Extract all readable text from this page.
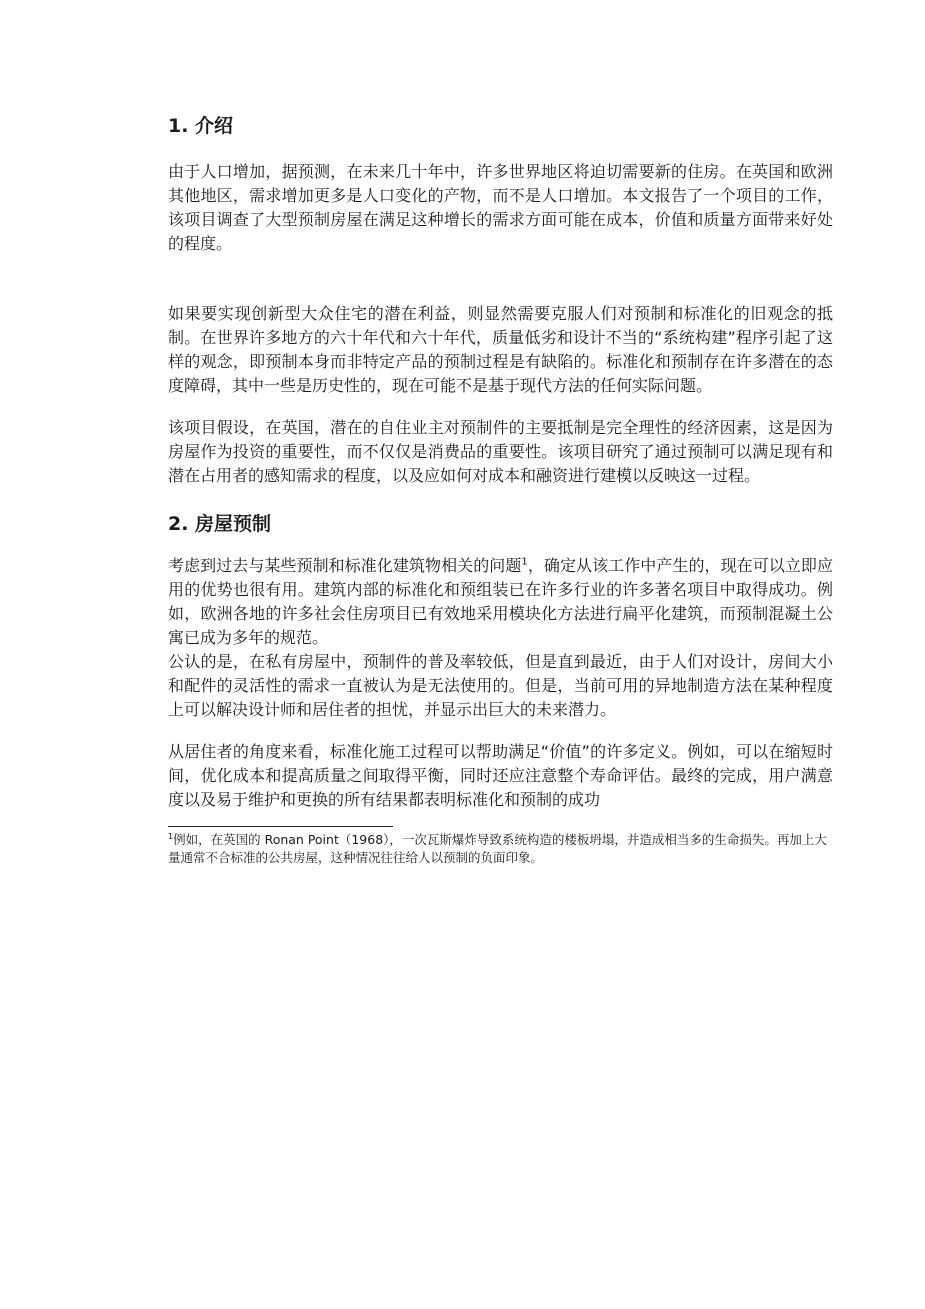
1. 介绍

由于人口增加，据预测，在未来几十年中，许多世界地区将迫切需要新的住房。在英国和欧洲其他地区，需求增加更多是人口变化的产物，而不是人口增加。本文报告了一个项目的工作，该项目调查了大型预制房屋在满足这种增长的需求方面可能在成本，价值和质量方面带来好处的程度。

如果要实现创新型大众住宅的潜在利益，则显然需要克服人们对预制和标准化的旧观念的抵制。在世界许多地方的六十年代和六十年代，质量低劣和设计不当的“系统构建”程序引起了这样的观念，即预制本身而非特定产品的预制过程是有缺陷的。标准化和预制存在许多潜在的态度障碍，其中一些是历史性的，现在可能不是基于现代方法的任何实际问题。

该项目假设，在英国，潜在的自住业主对预制件的主要抵制是完全理性的经济因素，这是因为房屋作为投资的重要性，而不仅仅是消费品的重要性。该项目研究了通过预制可以满足现有和潜在占用者的感知需求的程度，以及应如何对成本和融资进行建模以反映这一过程。

2. 房屋预制

考虑到过去与某些预制和标准化建筑物相关的问题$^1$，确定从该工作中产生的，现在可以立即应用的优势也很有用。建筑内部的标准化和预组装已在许多行业的许多著名项目中取得成功。例如，欧洲各地的许多社会住房项目已有效地采用模块化方法进行扁平化建筑，而预制混凝土公寓已成为多年的规范。

公认的是，在私有房屋中，预制件的普及率较低，但是直到最近，由于人们对设计，房间大小和配件的灵活性的需求一直被认为是无法使用的。但是，当前可用的异地制造方法在某种程度上可以解决设计师和居住者的担忧，并显示出巨大的未来潜力。

从居住者的角度来看，标准化施工过程可以帮助满足“价值”的许多定义。例如，可以在缩短时间，优化成本和提高质量之间取得平衡，同时还应注意整个寿命评估。最终的完成，用户满意度以及易于维护和更换的所有结果都表明标准化和预制的成功

$^1$例如，在英国的 Ronan Point（1968），一次瓦斯爆炸导致系统构造的楼板坍塌，并造成相当多的生命损失。再加上大量通常不合标准的公共房屋，这种情况往往给人以预制的负面印象。
